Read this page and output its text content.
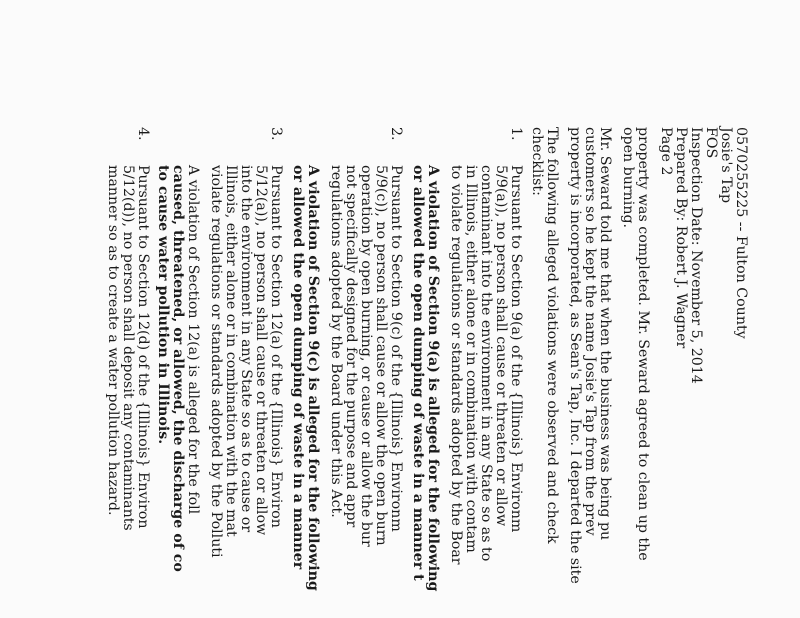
0570255225 -- Fulton County
Josie's Tap
FOS
Inspection Date: November 5, 2014
Prepared By: Robert J. Wagner
Page 2
property was completed. Mr. Seward agreed to clean up the
open burning.
Mr. Seward told me that when the business was being pu
customers so he kept the name Josie's Tap from the prev
property is incorporated, as Sean's Tap, Inc. I departed the site
The following alleged violations were observed and check
checklist:
1.
Pursuant to Section 9(a) of the {Illinois} Environm
5/9(a)), no person shall cause or threaten or allow
contaminant into the environment in any State so as to
in Illinois, either alone or in combination with contam
to violate regulations or standards adopted by the Boar
A violation of Section 9(a) is alleged for the following
or allowed the open dumping of waste in a manner t
2.
Pursuant to Section 9(c) of the {Illinois} Environm
5/9(c)), no person shall cause or allow the open burn
operation by open burning, or cause or allow the bur
not specifically designed for the purpose and appr
regulations adopted by the Board under this Act.
A violation of Section 9(c) is alleged for the following
or allowed the open dumping of waste in a manner
3.
Pursuant to Section 12(a) of the {Illinois} Environ
5/12(a)), no person shall cause or threaten or allow
into the environment in any State so as to cause or
Illinois, either alone or in combination with the mat
violate regulations or standards adopted by the Polluti
A violation of Section 12(a) is alleged for the foll
caused, threatened, or allowed, the discharge of co
to cause water pollution in Illinois.
4.
Pursuant to Section 12(d) of the {Illinois} Environ
5/12(d)), no person shall deposit any contaminants
manner so as to create a water pollution hazard.
